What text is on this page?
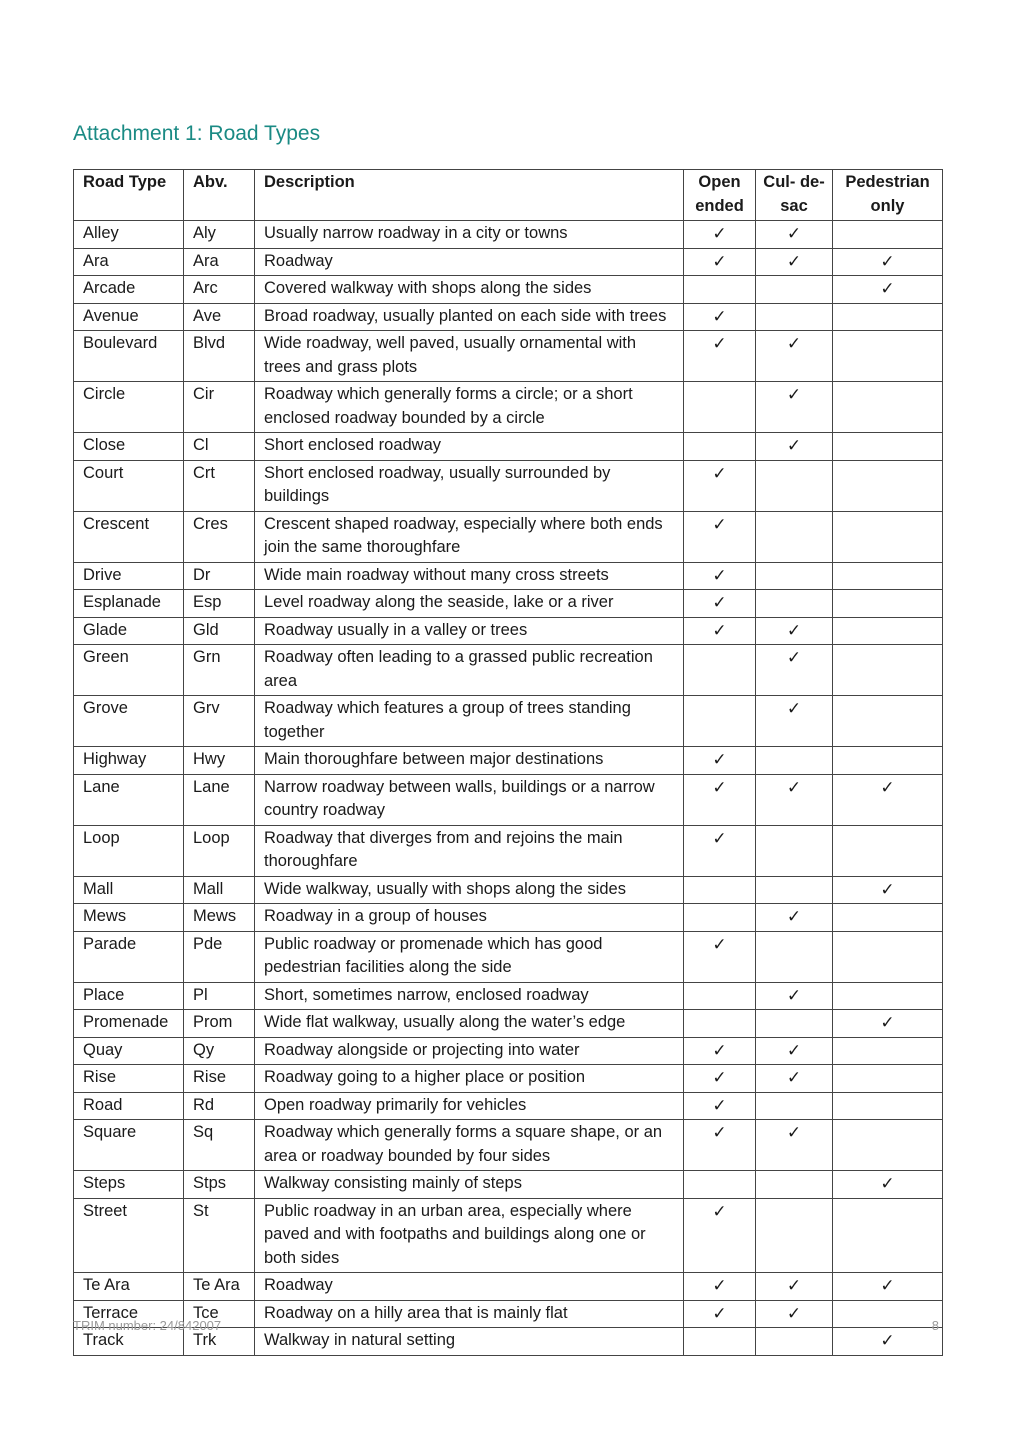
Attachment 1: Road Types
Road Type	Abv.	Description	Open ended	Cul- de-sac	Pedestrian only
Alley	Aly	Usually narrow roadway in a city or towns	✓	✓	
Ara	Ara	Roadway	✓	✓	✓
Arcade	Arc	Covered walkway with shops along the sides			✓
Avenue	Ave	Broad roadway, usually planted on each side with trees	✓		
Boulevard	Blvd	Wide roadway, well paved, usually ornamental with trees and grass plots	✓	✓	
Circle	Cir	Roadway which generally forms a circle; or a short enclosed roadway bounded by a circle		✓	
Close	Cl	Short enclosed roadway		✓	
Court	Crt	Short enclosed roadway, usually surrounded by buildings	✓		
Crescent	Cres	Crescent shaped roadway, especially where both ends join the same thoroughfare	✓		
Drive	Dr	Wide main roadway without many cross streets	✓		
Esplanade	Esp	Level roadway along the seaside, lake or a river	✓		
Glade	Gld	Roadway usually in a valley or trees	✓	✓	
Green	Grn	Roadway often leading to a grassed public recreation area		✓	
Grove	Grv	Roadway which features a group of trees standing together		✓	
Highway	Hwy	Main thoroughfare between major destinations	✓		
Lane	Lane	Narrow roadway between walls, buildings or a narrow country roadway	✓	✓	✓
Loop	Loop	Roadway that diverges from and rejoins the main thoroughfare	✓		
Mall	Mall	Wide walkway, usually with shops along the sides			✓
Mews	Mews	Roadway in a group of houses		✓	
Parade	Pde	Public roadway or promenade which has good pedestrian facilities along the side	✓		
Place	Pl	Short, sometimes narrow, enclosed roadway		✓	
Promenade	Prom	Wide flat walkway, usually along the water’s edge			✓
Quay	Qy	Roadway alongside or projecting into water	✓	✓	
Rise	Rise	Roadway going to a higher place or position	✓	✓	
Road	Rd	Open roadway primarily for vehicles	✓		
Square	Sq	Roadway which generally forms a square shape, or an area or roadway bounded by four sides	✓	✓	
Steps	Stps	Walkway consisting mainly of steps			✓
Street	St	Public roadway in an urban area, especially where paved and with footpaths and buildings along one or both sides	✓		
Te Ara	Te Ara	Roadway	✓	✓	✓
Terrace	Tce	Roadway on a hilly area that is mainly flat	✓	✓	
Track	Trk	Walkway in natural setting			✓
TRIM number: 24/842007	8
